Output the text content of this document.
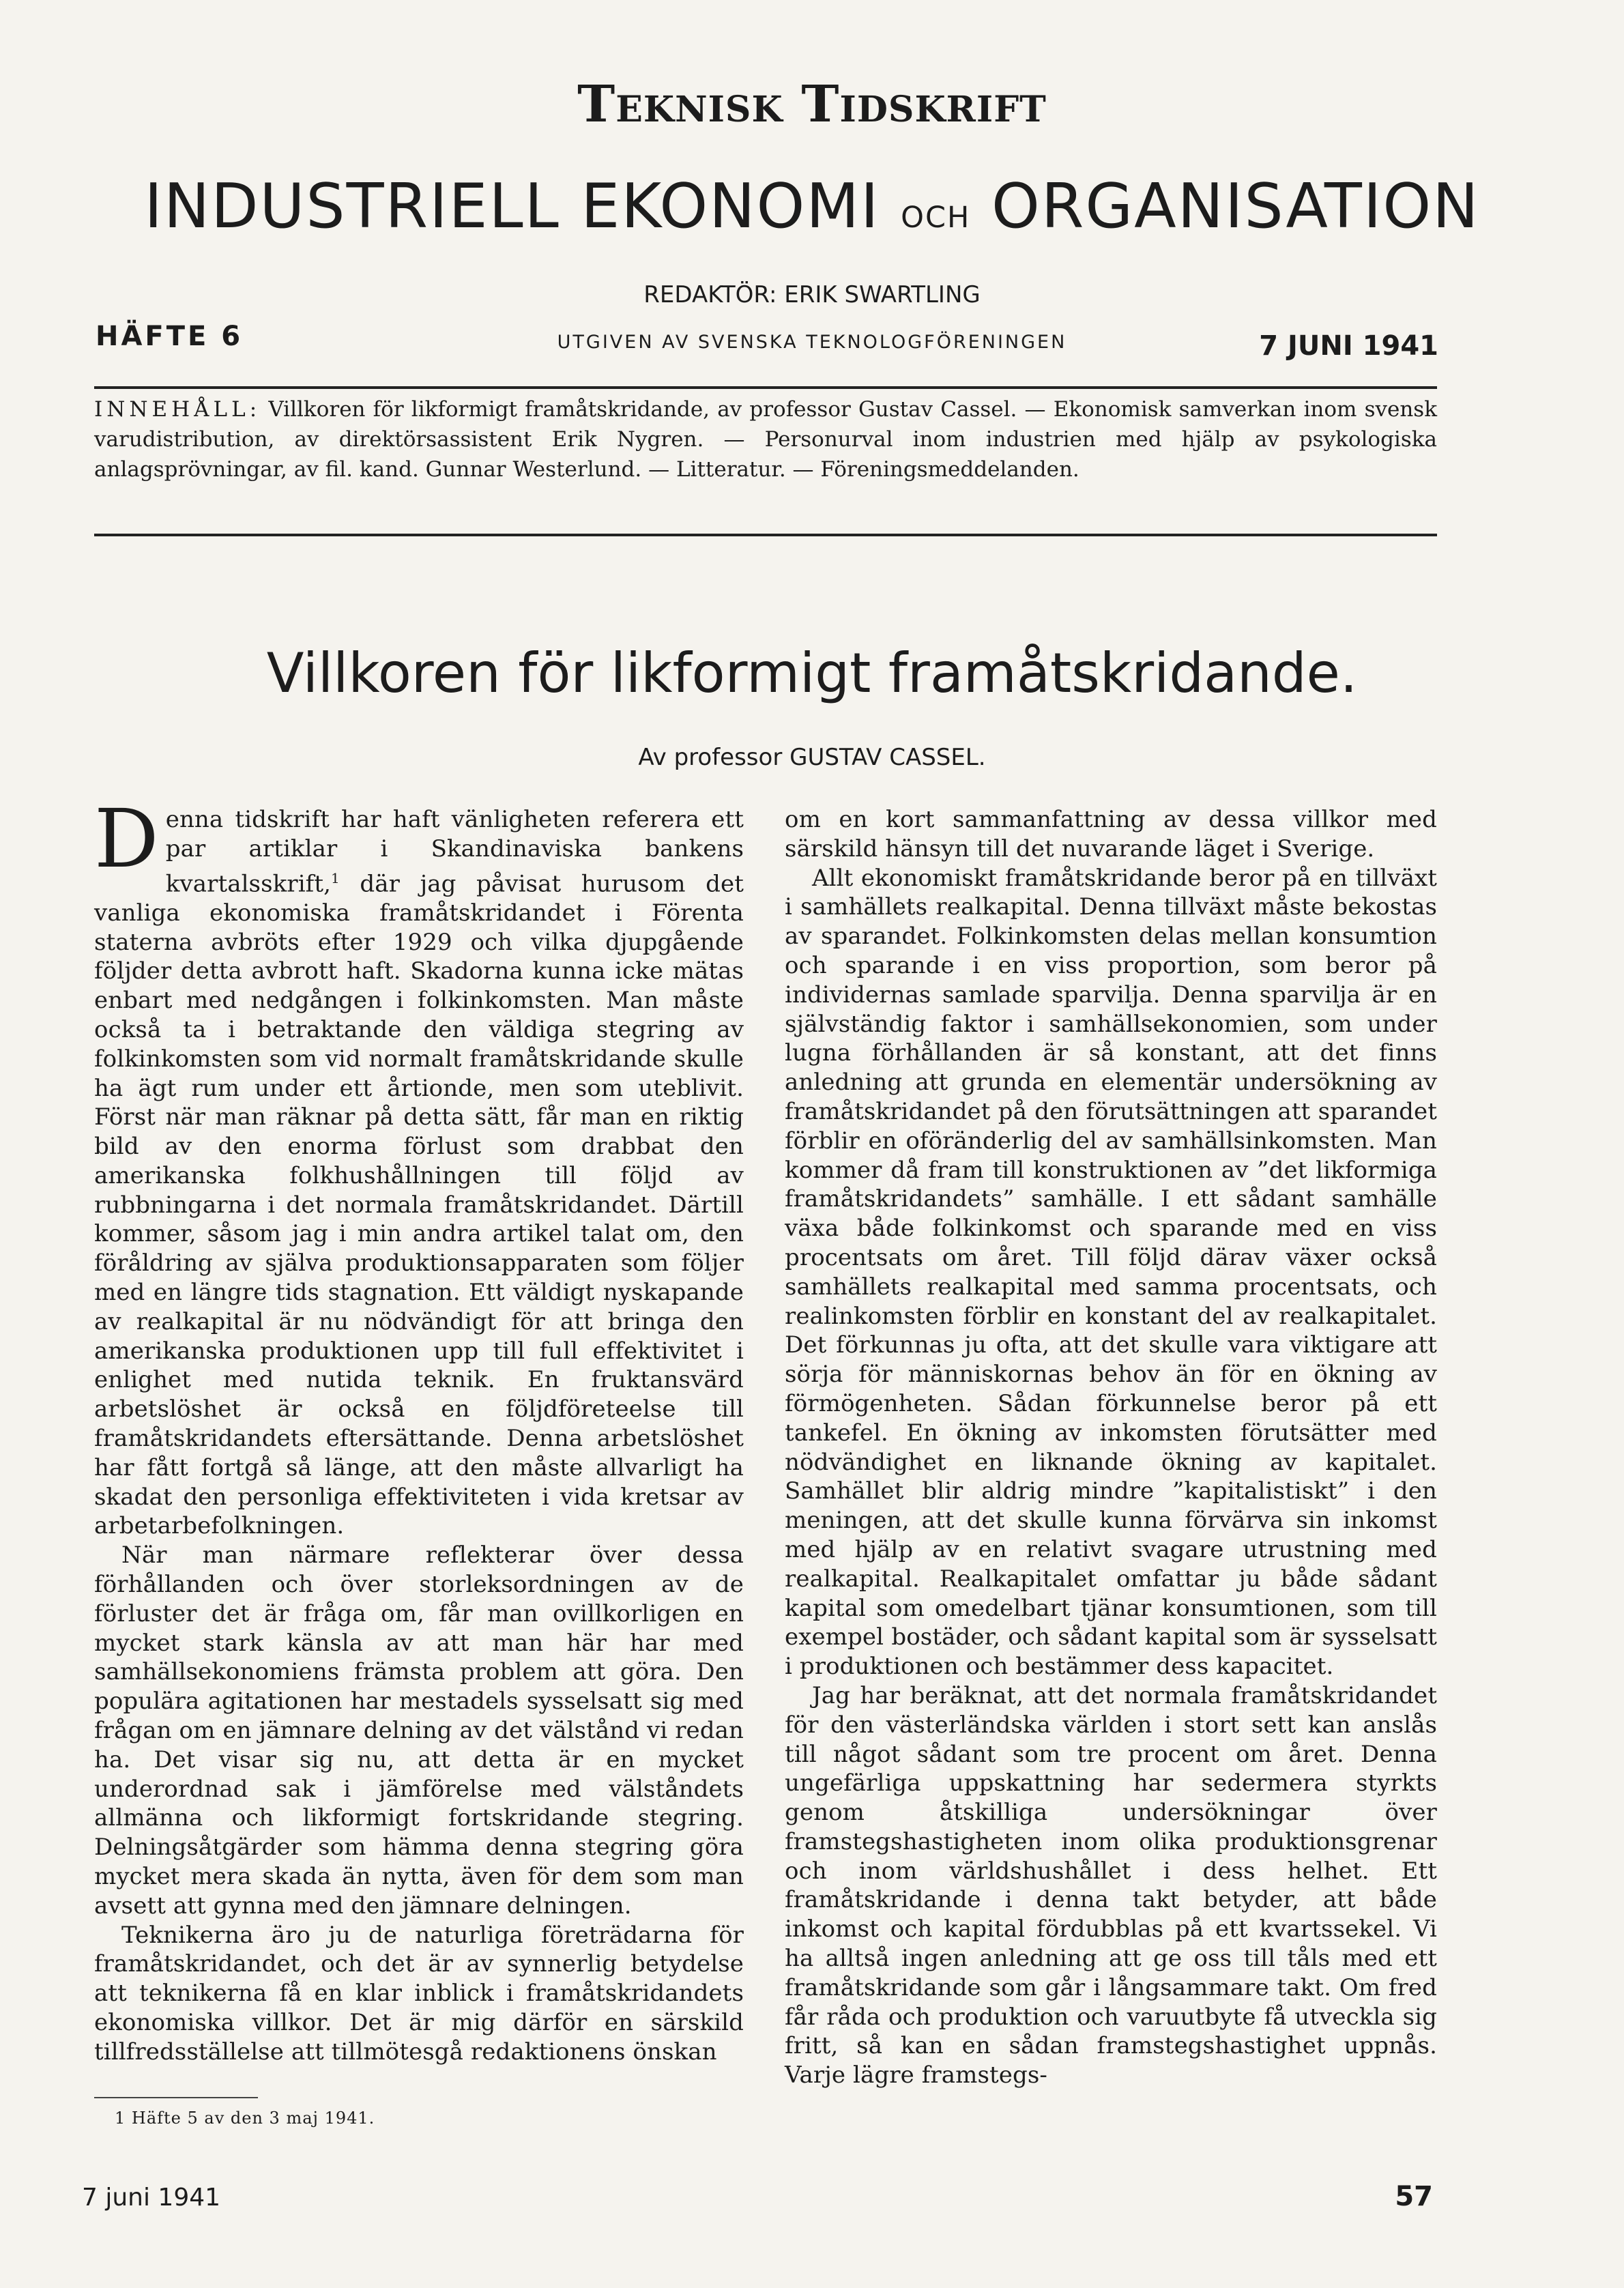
Teknisk Tidskrift
INDUSTRIELL EKONOMI och ORGANISATION
REDAKTÖR: ERIK SWARTLING
HÄFTE 6	UTGIVEN AV SVENSKA TEKNOLOGFÖRENINGEN	7 JUNI 1941
INNEHÅLL: Villkoren för likformigt framåtskridande, av professor Gustav Cassel. — Ekonomisk samverkan inom svensk varudistribution, av direktörsassistent Erik Nygren. — Personurval inom industrien med hjälp av psykologiska anlagsprövningar, av fil. kand. Gunnar Westerlund. — Litteratur. — Föreningsmeddelanden.
Villkoren för likformigt framåtskridande.
Av professor GUSTAV CASSEL.

Denna tidskrift har haft vänligheten referera ett par artiklar i Skandinaviska bankens kvartalsskrift,$^1$ där jag påvisat hurusom det vanliga ekonomiska framåtskridandet i Förenta staterna avbröts efter 1929 och vilka djupgående följder detta avbrott haft. Skadorna kunna icke mätas enbart med nedgången i folkinkomsten. Man måste också ta i betraktande den väldiga stegring av folkinkomsten som vid normalt framåtskridande skulle ha ägt rum under ett årtionde, men som uteblivit. Först när man räknar på detta sätt, får man en riktig bild av den enorma förlust som drabbat den amerikanska folkhushållningen till följd av rubbningarna i det normala framåtskridandet. Därtill kommer, såsom jag i min andra artikel talat om, den föråldring av själva produktionsapparaten som följer med en längre tids stagnation. Ett väldigt nyskapande av realkapital är nu nödvändigt för att bringa den amerikanska produktionen upp till full effektivitet i enlighet med nutida teknik. En fruktansvärd arbetslöshet är också en följdföreteelse till framåtskridandets eftersättande. Denna arbetslöshet har fått fortgå så länge, att den måste allvarligt ha skadat den personliga effektiviteten i vida kretsar av arbetarbefolkningen.

När man närmare reflekterar över dessa förhållanden och över storleksordningen av de förluster det är fråga om, får man ovillkorligen en mycket stark känsla av att man här har med samhällsekonomiens främsta problem att göra. Den populära agitationen har mestadels sysselsatt sig med frågan om en jämnare delning av det välstånd vi redan ha. Det visar sig nu, att detta är en mycket underordnad sak i jämförelse med välståndets allmänna och likformigt fortskridande stegring. Delningsåtgärder som hämma denna stegring göra mycket mera skada än nytta, även för dem som man avsett att gynna med den jämnare delningen.

Teknikerna äro ju de naturliga företrädarna för framåtskridandet, och det är av synnerlig betydelse att teknikerna få en klar inblick i framåtskridandets ekonomiska villkor. Det är mig därför en särskild tillfredsställelse att tillmötesgå redaktionens önskan

om en kort sammanfattning av dessa villkor med särskild hänsyn till det nuvarande läget i Sverige.

Allt ekonomiskt framåtskridande beror på en tillväxt i samhällets realkapital. Denna tillväxt måste bekostas av sparandet. Folkinkomsten delas mellan konsumtion och sparande i en viss proportion, som beror på individernas samlade sparvilja. Denna sparvilja är en självständig faktor i samhällsekonomien, som under lugna förhållanden är så konstant, att det finns anledning att grunda en elementär undersökning av framåtskridandet på den förutsättningen att sparandet förblir en oföränderlig del av samhällsinkomsten. Man kommer då fram till konstruktionen av ”det likformiga framåtskridandets” samhälle. I ett sådant samhälle växa både folkinkomst och sparande med en viss procentsats om året. Till följd därav växer också samhällets realkapital med samma procentsats, och realinkomsten förblir en konstant del av realkapitalet. Det förkunnas ju ofta, att det skulle vara viktigare att sörja för människornas behov än för en ökning av förmögenheten. Sådan förkunnelse beror på ett tankefel. En ökning av inkomsten förutsätter med nödvändighet en liknande ökning av kapitalet. Samhället blir aldrig mindre ”kapitalistiskt” i den meningen, att det skulle kunna förvärva sin inkomst med hjälp av en relativt svagare utrustning med realkapital. Realkapitalet omfattar ju både sådant kapital som omedelbart tjänar konsumtionen, som till exempel bostäder, och sådant kapital som är sysselsatt i produktionen och bestämmer dess kapacitet.

Jag har beräknat, att det normala framåtskridandet för den västerländska världen i stort sett kan anslås till något sådant som tre procent om året. Denna ungefärliga uppskattning har sedermera styrkts genom åtskilliga undersökningar över framstegshastigheten inom olika produktionsgrenar och inom världshushållet i dess helhet. Ett framåtskridande i denna takt betyder, att både inkomst och kapital fördubblas på ett kvartssekel. Vi ha alltså ingen anledning att ge oss till tåls med ett framåtskridande som går i långsammare takt. Om fred får råda och produktion och varuutbyte få utveckla sig fritt, så kan en sådan framstegshastighet uppnås. Varje lägre framstegs-

1 Häfte 5 av den 3 maj 1941.
7 juni 1941	57
